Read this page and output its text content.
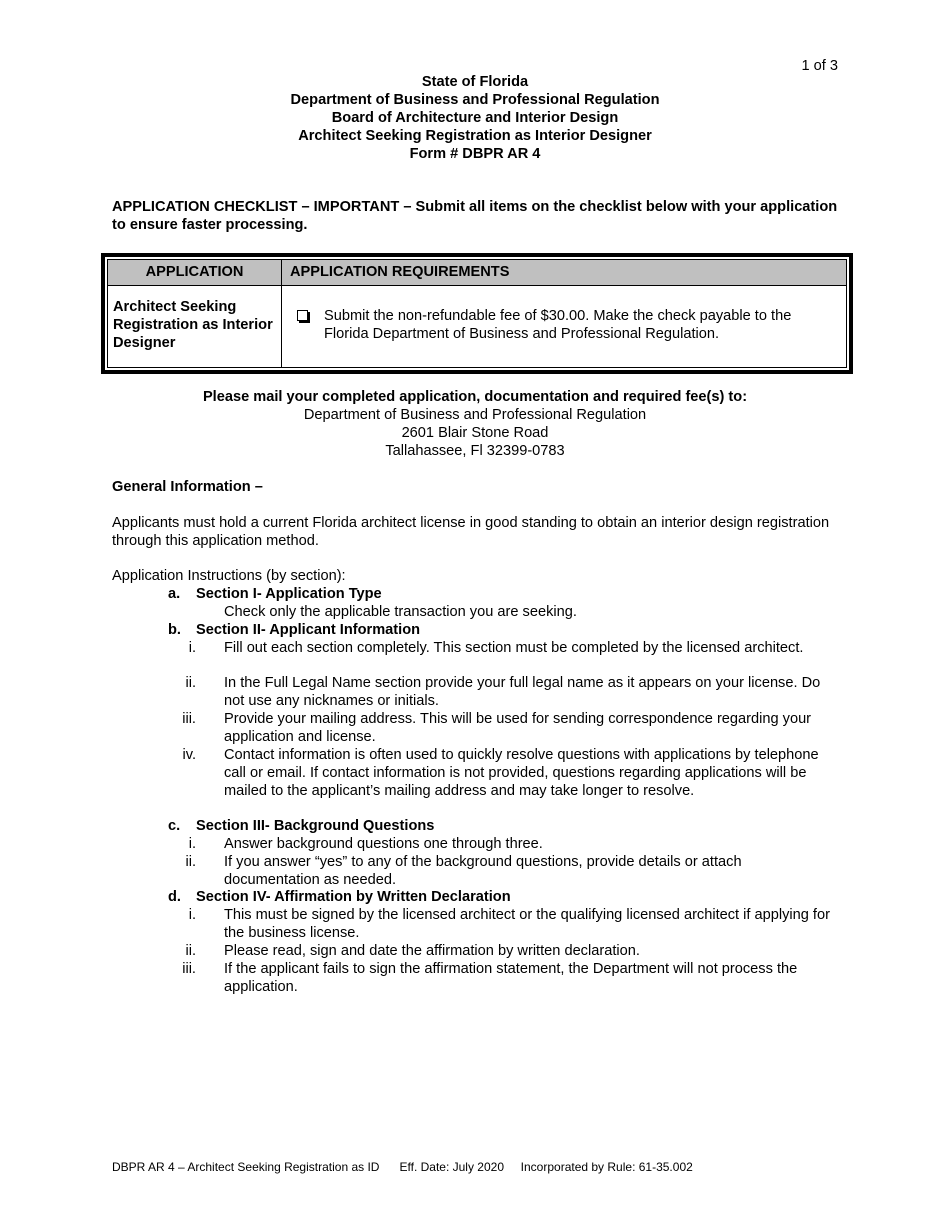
1 of 3
State of Florida
Department of Business and Professional Regulation
Board of Architecture and Interior Design
Architect Seeking Registration as Interior Designer
Form # DBPR AR 4
APPLICATION CHECKLIST – IMPORTANT – Submit all items on the checklist below with your application to ensure faster processing.
APPLICATION	APPLICATION REQUIREMENTS
Architect Seeking Registration as Interior Designer
Submit the non-refundable fee of $30.00. Make the check payable to the Florida Department of Business and Professional Regulation.
Please mail your completed application, documentation and required fee(s) to:
Department of Business and Professional Regulation
2601 Blair Stone Road
Tallahassee, Fl 32399-0783
General Information –
Applicants must hold a current Florida architect license in good standing to obtain an interior design registration through this application method.
Application Instructions (by section):
a. Section I- Application Type
Check only the applicable transaction you are seeking.
b. Section II- Applicant Information
i. Fill out each section completely. This section must be completed by the licensed architect.
ii. In the Full Legal Name section provide your full legal name as it appears on your license. Do not use any nicknames or initials.
iii. Provide your mailing address. This will be used for sending correspondence regarding your application and license.
iv. Contact information is often used to quickly resolve questions with applications by telephone call or email. If contact information is not provided, questions regarding applications will be mailed to the applicant’s mailing address and may take longer to resolve.
c. Section III- Background Questions
i. Answer background questions one through three.
ii. If you answer “yes” to any of the background questions, provide details or attach documentation as needed.
d. Section IV- Affirmation by Written Declaration
i. This must be signed by the licensed architect or the qualifying licensed architect if applying for the business license.
ii. Please read, sign and date the affirmation by written declaration.
iii. If the applicant fails to sign the affirmation statement, the Department will not process the application.
DBPR AR 4 – Architect Seeking Registration as ID Eff. Date: July 2020 Incorporated by Rule: 61-35.002
